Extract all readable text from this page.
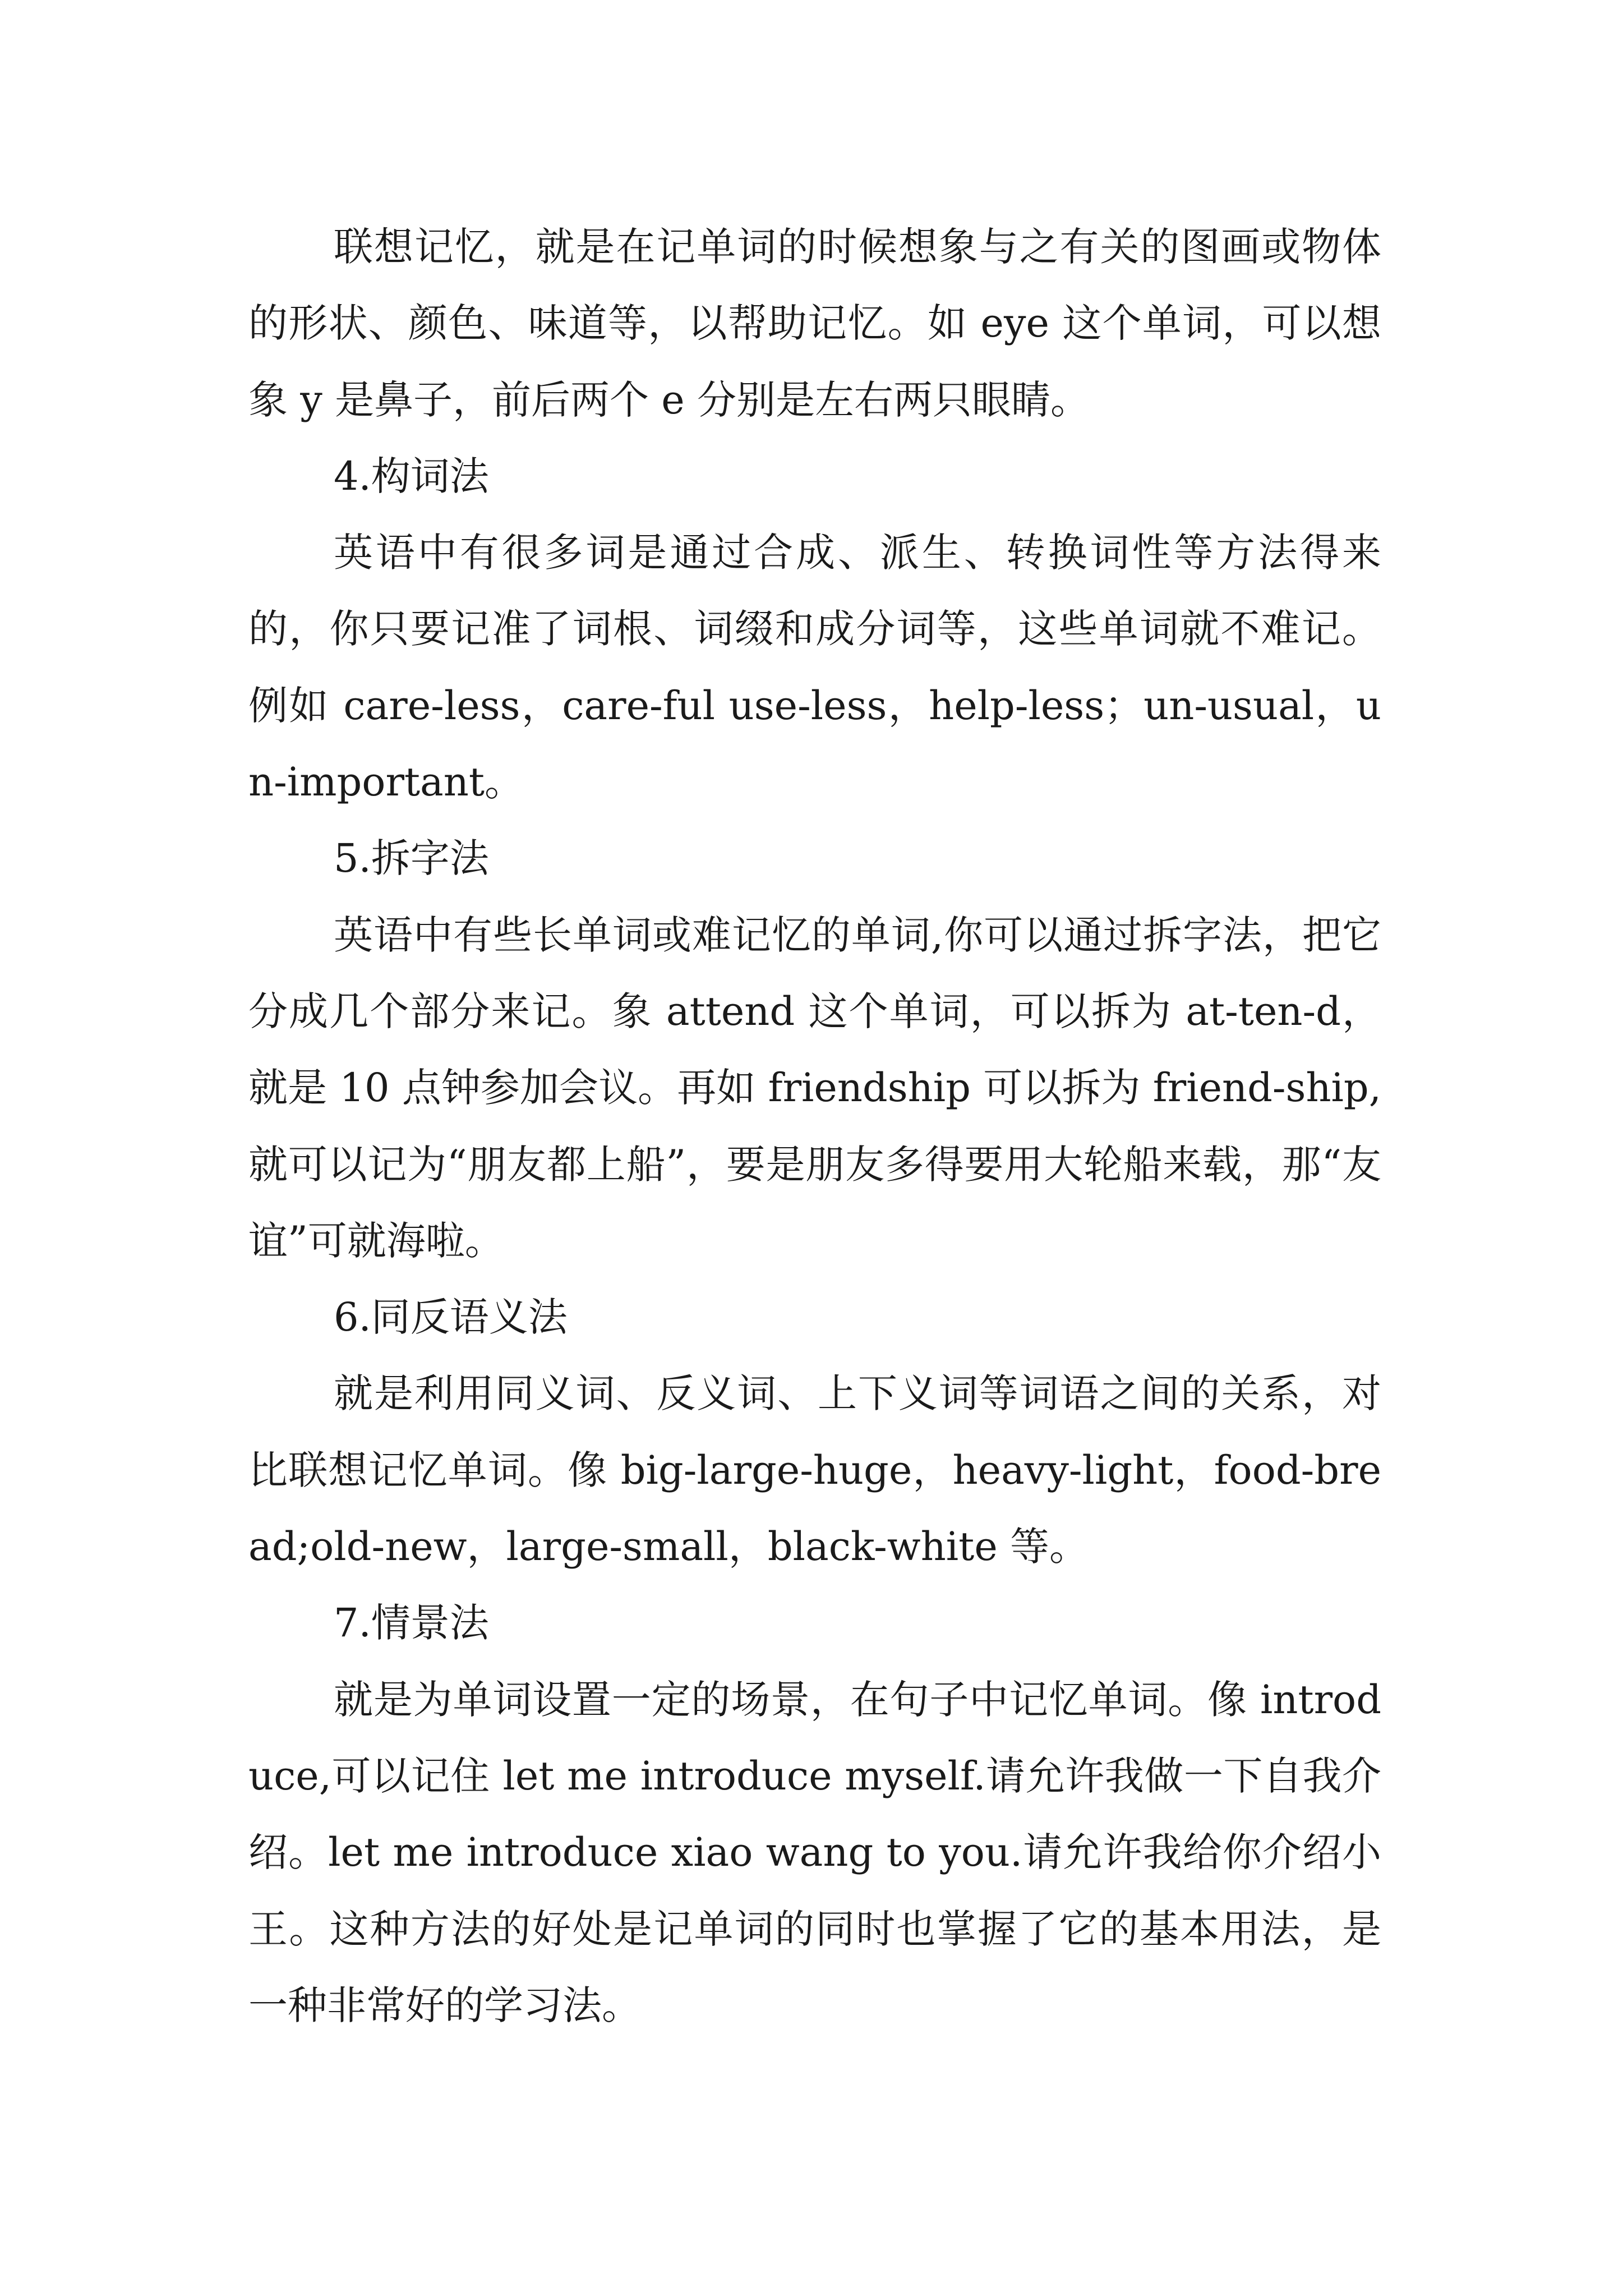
联想记忆，就是在记单词的时候想象与之有关的图画或物体的形状、颜色、味道等，以帮助记忆。如 eye 这个单词，可以想象 y 是鼻子，前后两个 e 分别是左右两只眼睛。

4.构词法

英语中有很多词是通过合成、派生、转换词性等方法得来的，你只要记准了词根、词缀和成分词等，这些单词就不难记。例如 care-less，care-ful use-less，help-less；un-usual，un-important。

5.拆字法

英语中有些长单词或难记忆的单词,你可以通过拆字法，把它分成几个部分来记。象 attend 这个单词，可以拆为 at-ten-d，就是 10 点钟参加会议。再如 friendship 可以拆为 friend-ship,就可以记为“朋友都上船”，要是朋友多得要用大轮船来载，那“友谊”可就海啦。

6.同反语义法

就是利用同义词、反义词、上下义词等词语之间的关系，对比联想记忆单词。像 big-large-huge，heavy-light，food-bread;old-new，large-small，black-white 等。

7.情景法

就是为单词设置一定的场景，在句子中记忆单词。像 introduce,可以记住 let me introduce myself.请允许我做一下自我介绍。let me introduce xiao wang to you.请允许我给你介绍小王。这种方法的好处是记单词的同时也掌握了它的基本用法，是一种非常好的学习法。
